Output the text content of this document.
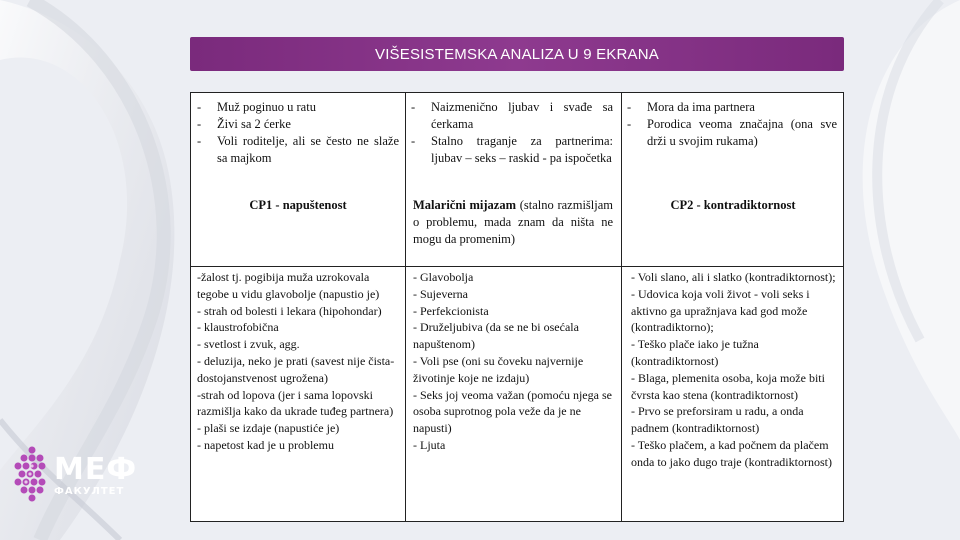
VIŠESISTEMSKA ANALIZA U 9 EKRANA
- Muž poginuo u ratu
- Živi sa 2 ćerke
- Voli roditelje, ali se često ne slaže sa majkom
- Naizmenično ljubav i svađe sa ćerkama
- Stalno traganje za partnerima: ljubav – seks – raskid - pa ispočetka
- Mora da ima partnera
- Porodica veoma značajna (ona sve drži u svojim rukama)
CP1 - napuštenost	Malarični mijazam (stalno razmišljam o problemu, mada znam da ništa ne mogu da promenim)
CP2 - kontradiktornost
-žalost tj. pogibija muža uzrokovala tegobe u vidu glavobolje (napustio je)
- strah od bolesti i lekara (hipohondar)
- klaustrofobična
- svetlost i zvuk, agg.
- deluzija, neko je prati (savest nije čista-dostojanstvenost ugrožena)
-strah od lopova (jer i sama lopovski razmišlja kako da ukrade tuđeg partnera)
- plaši se izdaje (napustiće je)
- napetost kad je u problemu
- Glavobolja
- Sujeverna
- Perfekcionista
- Druželjubiva (da se ne bi osećala napuštenom)
- Voli pse (oni su čoveku najvernije životinje koje ne izdaju)
- Seks joj veoma važan (pomoću njega se osoba suprotnog pola veže da je ne napusti)
- Ljuta
- Voli slano, ali i slatko (kontradiktornost);
- Udovica koja voli život - voli seks i aktivno ga upražnjava kad god može (kontradiktorno);
- Teško plače iako je tužna (kontradiktornost)
- Blaga, plemenita osoba, koja može biti čvrsta kao stena (kontradiktornost)
- Prvo se preforsiram u radu, a onda padnem (kontradiktornost)
- Teško plačem, a kad počnem da plačem onda to jako dugo traje (kontradiktornost)
МЕФ
ФАКУЛТЕТ
